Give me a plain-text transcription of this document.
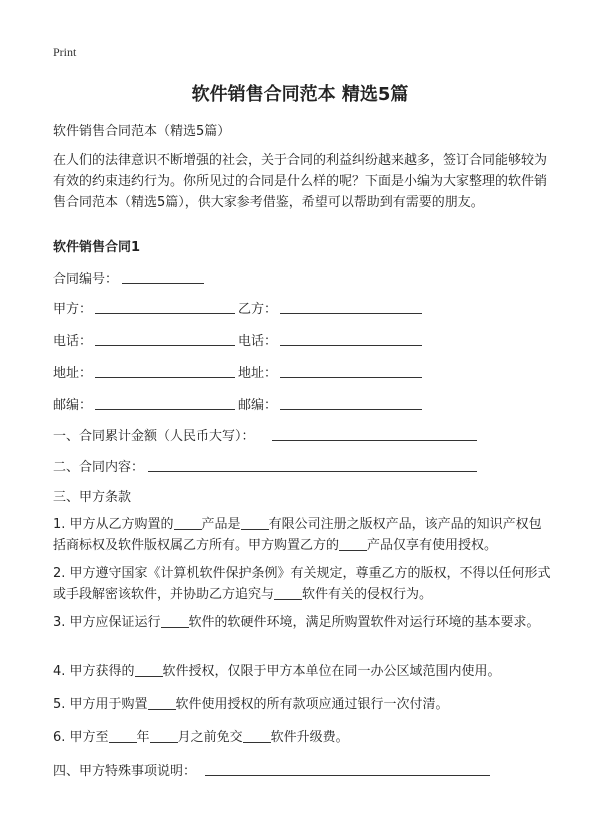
Print
软件销售合同范本 精选5篇
软件销售合同范本（精选5篇）
在人们的法律意识不断增强的社会，关于合同的利益纠纷越来越多，签订合同能够较为有效的约束违约行为。你所见过的合同是什么样的呢？下面是小编为大家整理的软件销售合同范本（精选5篇），供大家参考借鉴，希望可以帮助到有需要的朋友。
软件销售合同1
合同编号：
甲方：	乙方：
电话：	电话：
地址：	地址：
邮编：	邮编：
一、合同累计金额（人民币大写）：
二、合同内容：
三、甲方条款
1. 甲方从乙方购置的 产品是 有限公司注册之版权产品，该产品的知识产权包括商标权及软件版权属乙方所有。甲方购置乙方的 产品仅享有使用授权。
2. 甲方遵守国家《计算机软件保护条例》有关规定，尊重乙方的版权，不得以任何形式或手段解密该软件，并协助乙方追究与 软件有关的侵权行为。
3. 甲方应保证运行 软件的软硬件环境，满足所购置软件对运行环境的基本要求。
4. 甲方获得的 软件授权，仅限于甲方本单位在同一办公区域范围内使用。
5. 甲方用于购置 软件使用授权的所有款项应通过银行一次付清。
6. 甲方至 年 月之前免交 软件升级费。
四、甲方特殊事项说明：
